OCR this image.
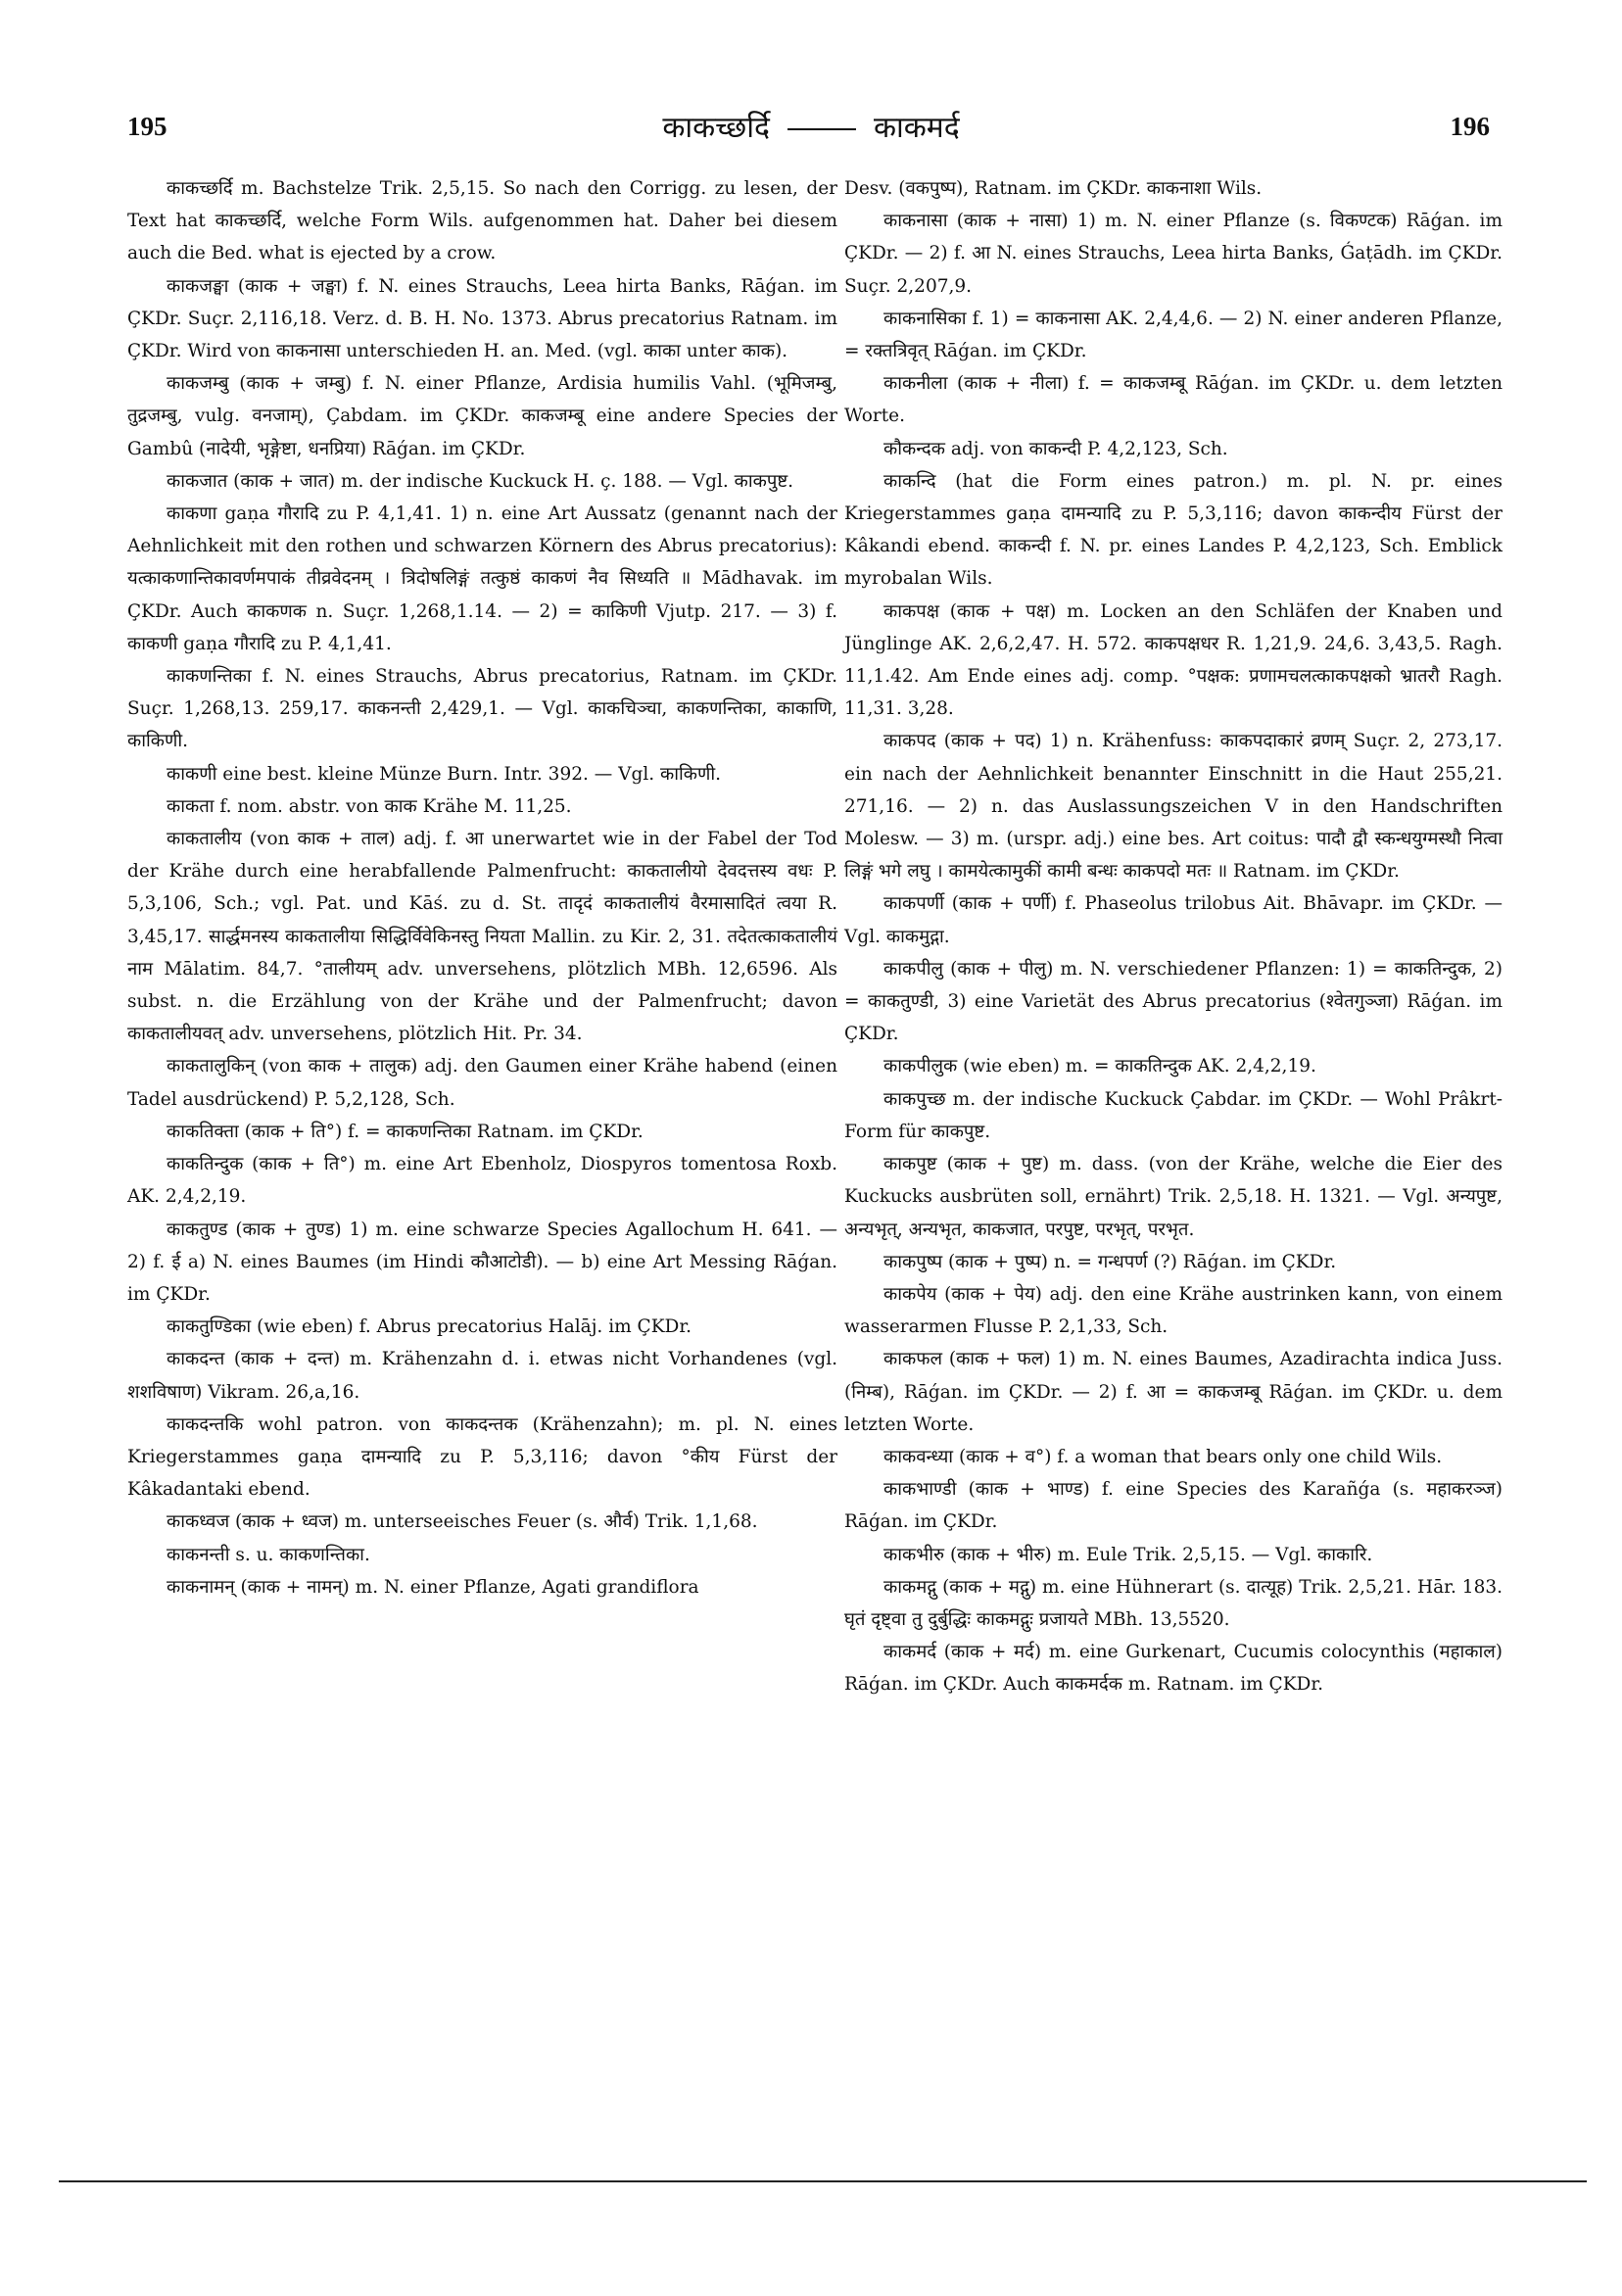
195	काकच्छर्दि	काकमर्द	196

काकच्छर्दि m. Bachstelze Trik. 2,5,15. So nach den Corrigg. zu lesen, der Text hat काकच्छर्दि, welche Form Wils. aufgenommen hat. Daher bei diesem auch die Bed. what is ejected by a crow.

काकजङ्घा (काक + जङ्घा) f. N. eines Strauchs, Leea hirta Banks, Rāǵan. im ÇKDr. Suçr. 2,116,18. Verz. d. B. H. No. 1373. Abrus precatorius Ratnam. im ÇKDr. Wird von काकनासा unterschieden H. an. Med. (vgl. काका unter काक).

काकजम्बु (काक + जम्बु) f. N. einer Pflanze, Ardisia humilis Vahl. (भूमिजम्बु, तुद्रजम्बु, vulg. वनजाम्), Çabdam. im ÇKDr. काकजम्बू eine andere Species der Gambû (नादेयी, भृङ्गेष्टा, धनप्रिया) Rāǵan. im ÇKDr.

काकजात (काक + जात) m. der indische Kuckuck H. ç. 188. — Vgl. काकपुष्ट.

काकणा gaṇa गौरादि zu P. 4,1,41. 1) n. eine Art Aussatz (genannt nach der Aehnlichkeit mit den rothen und schwarzen Körnern des Abrus precatorius): यत्काकणान्तिकावर्णमपाकं तीव्रवेदनम् । त्रिदोषलिङ्गं तत्कुष्ठं काकणं नैव सिध्यति ॥ Mādhavak. im ÇKDr. Auch काकणक n. Suçr. 1,268,1.14. — 2) = काकिणी Vjutp. 217. — 3) f. काकणी gaṇa गौरादि zu P. 4,1,41.

काकणन्तिका f. N. eines Strauchs, Abrus precatorius, Ratnam. im ÇKDr. Suçr. 1,268,13. 259,17. काकनन्ती 2,429,1. — Vgl. काकचिञ्चा, काकणन्तिका, काकाणि, काकिणी.

काकणी eine best. kleine Münze Burn. Intr. 392. — Vgl. काकिणी.

काकता f. nom. abstr. von काक Krähe M. 11,25.

काकतालीय (von काक + ताल) adj. f. आ unerwartet wie in der Fabel der Tod der Krähe durch eine herabfallende Palmenfrucht: काकतालीयो देवदत्तस्य वधः P. 5,3,106, Sch.; vgl. Pat. und Kāś. zu d. St. तादृदं काकतालीयं वैरमासादितं त्वया R. 3,45,17. सार्द्धमनस्य काकतालीया सिद्धिर्विवेकिनस्तु नियता Mallin. zu Kir. 2, 31. तदेतत्काकतालीयं नाम Mālatim. 84,7. °तालीयम् adv. unversehens, plötzlich MBh. 12,6596. Als subst. n. die Erzählung von der Krähe und der Palmenfrucht; davon काकतालीयवत् adv. unversehens, plötzlich Hit. Pr. 34.

काकतालुकिन् (von काक + तालुक) adj. den Gaumen einer Krähe habend (einen Tadel ausdrückend) P. 5,2,128, Sch.

काकतिक्ता (काक + ति°) f. = काकणन्तिका Ratnam. im ÇKDr.

काकतिन्दुक (काक + ति°) m. eine Art Ebenholz, Diospyros tomentosa Roxb. AK. 2,4,2,19.

काकतुण्ड (काक + तुण्ड) 1) m. eine schwarze Species Agallochum H. 641. — 2) f. ई a) N. eines Baumes (im Hindi कौआटोडी). — b) eine Art Messing Rāǵan. im ÇKDr.

काकतुण्डिका (wie eben) f. Abrus precatorius Halāj. im ÇKDr.

काकदन्त (काक + दन्त) m. Krähenzahn d. i. etwas nicht Vorhandenes (vgl. शशविषाण) Vikram. 26,a,16.

काकदन्तकि wohl patron. von काकदन्तक (Krähenzahn); m. pl. N. eines Kriegerstammes gaṇa दामन्यादि zu P. 5,3,116; davon °कीय Fürst der Kâkadantaki ebend.

काकध्वज (काक + ध्वज) m. unterseeisches Feuer (s. और्व) Trik. 1,1,68.

काकनन्ती s. u. काकणन्तिका.

काकनामन् (काक + नामन्) m. N. einer Pflanze, Agati grandiflora

Desv. (वकपुष्प), Ratnam. im ÇKDr. काकनाशा Wils.

काकनासा (काक + नासा) 1) m. N. einer Pflanze (s. विकण्टक) Rāǵan. im ÇKDr. — 2) f. आ N. eines Strauchs, Leea hirta Banks, Ǵaṭādh. im ÇKDr. Suçr. 2,207,9.

काकनासिका f. 1) = काकनासा AK. 2,4,4,6. — 2) N. einer anderen Pflanze, = रक्तत्रिवृत् Rāǵan. im ÇKDr.

काकनीला (काक + नीला) f. = काकजम्बू Rāǵan. im ÇKDr. u. dem letzten Worte.

कौकन्दक adj. von काकन्दी P. 4,2,123, Sch.

काकन्दि (hat die Form eines patron.) m. pl. N. pr. eines Kriegerstammes gaṇa दामन्यादि zu P. 5,3,116; davon काकन्दीय Fürst der Kâkandi ebend. काकन्दी f. N. pr. eines Landes P. 4,2,123, Sch. Emblick myrobalan Wils.

काकपक्ष (काक + पक्ष) m. Locken an den Schläfen der Knaben und Jünglinge AK. 2,6,2,47. H. 572. काकपक्षधर R. 1,21,9. 24,6. 3,43,5. Ragh. 11,1.42. Am Ende eines adj. comp. °पक्षक: प्रणामचलत्काकपक्षको भ्रातरौ Ragh. 11,31. 3,28.

काकपद (काक + पद) 1) n. Krähenfuss: काकपदाकारं व्रणम् Suçr. 2, 273,17. ein nach der Aehnlichkeit benannter Einschnitt in die Haut 255,21. 271,16. — 2) n. das Auslassungszeichen V in den Handschriften Molesw. — 3) m. (urspr. adj.) eine bes. Art coitus: पादौ द्वौ स्कन्धयुग्मस्थौ नित्वा लिङ्गं भगे लघु । कामयेत्कामुकीं कामी बन्धः काकपदो मतः ॥ Ratnam. im ÇKDr.

काकपर्णी (काक + पर्णी) f. Phaseolus trilobus Ait. Bhāvapr. im ÇKDr. — Vgl. काकमुद्गा.

काकपीलु (काक + पीलु) m. N. verschiedener Pflanzen: 1) = काकतिन्दुक, 2) = काकतुण्डी, 3) eine Varietät des Abrus precatorius (श्वेतगुञ्जा) Rāǵan. im ÇKDr.

काकपीलुक (wie eben) m. = काकतिन्दुक AK. 2,4,2,19.

काकपुच्छ m. der indische Kuckuck Çabdar. im ÇKDr. — Wohl Prâkrt-Form für काकपुष्ट.

काकपुष्ट (काक + पुष्ट) m. dass. (von der Krähe, welche die Eier des Kuckucks ausbrüten soll, ernährt) Trik. 2,5,18. H. 1321. — Vgl. अन्यपुष्ट, अन्यभृत्, अन्यभृत, काकजात, परपुष्ट, परभृत्, परभृत.

काकपुष्प (काक + पुष्प) n. = गन्धपर्ण (?) Rāǵan. im ÇKDr.

काकपेय (काक + पेय) adj. den eine Krähe austrinken kann, von einem wasserarmen Flusse P. 2,1,33, Sch.

काकफल (काक + फल) 1) m. N. eines Baumes, Azadirachta indica Juss. (निम्ब), Rāǵan. im ÇKDr. — 2) f. आ = काकजम्बू Rāǵan. im ÇKDr. u. dem letzten Worte.

काकवन्ध्या (काक + व°) f. a woman that bears only one child Wils.

काकभाण्डी (काक + भाण्ड) f. eine Species des Karañǵa (s. महाकरञ्ज) Rāǵan. im ÇKDr.

काकभीरु (काक + भीरु) m. Eule Trik. 2,5,15. — Vgl. काकारि.

काकमद्गु (काक + मद्गु) m. eine Hühnerart (s. दात्यूह) Trik. 2,5,21. Hār. 183. घृतं दृष्ट्वा तु दुर्बुद्धिः काकमद्गुः प्रजायते MBh. 13,5520.

काकमर्द (काक + मर्द) m. eine Gurkenart, Cucumis colocynthis (महाकाल) Rāǵan. im ÇKDr. Auch काकमर्दक m. Ratnam. im ÇKDr.
